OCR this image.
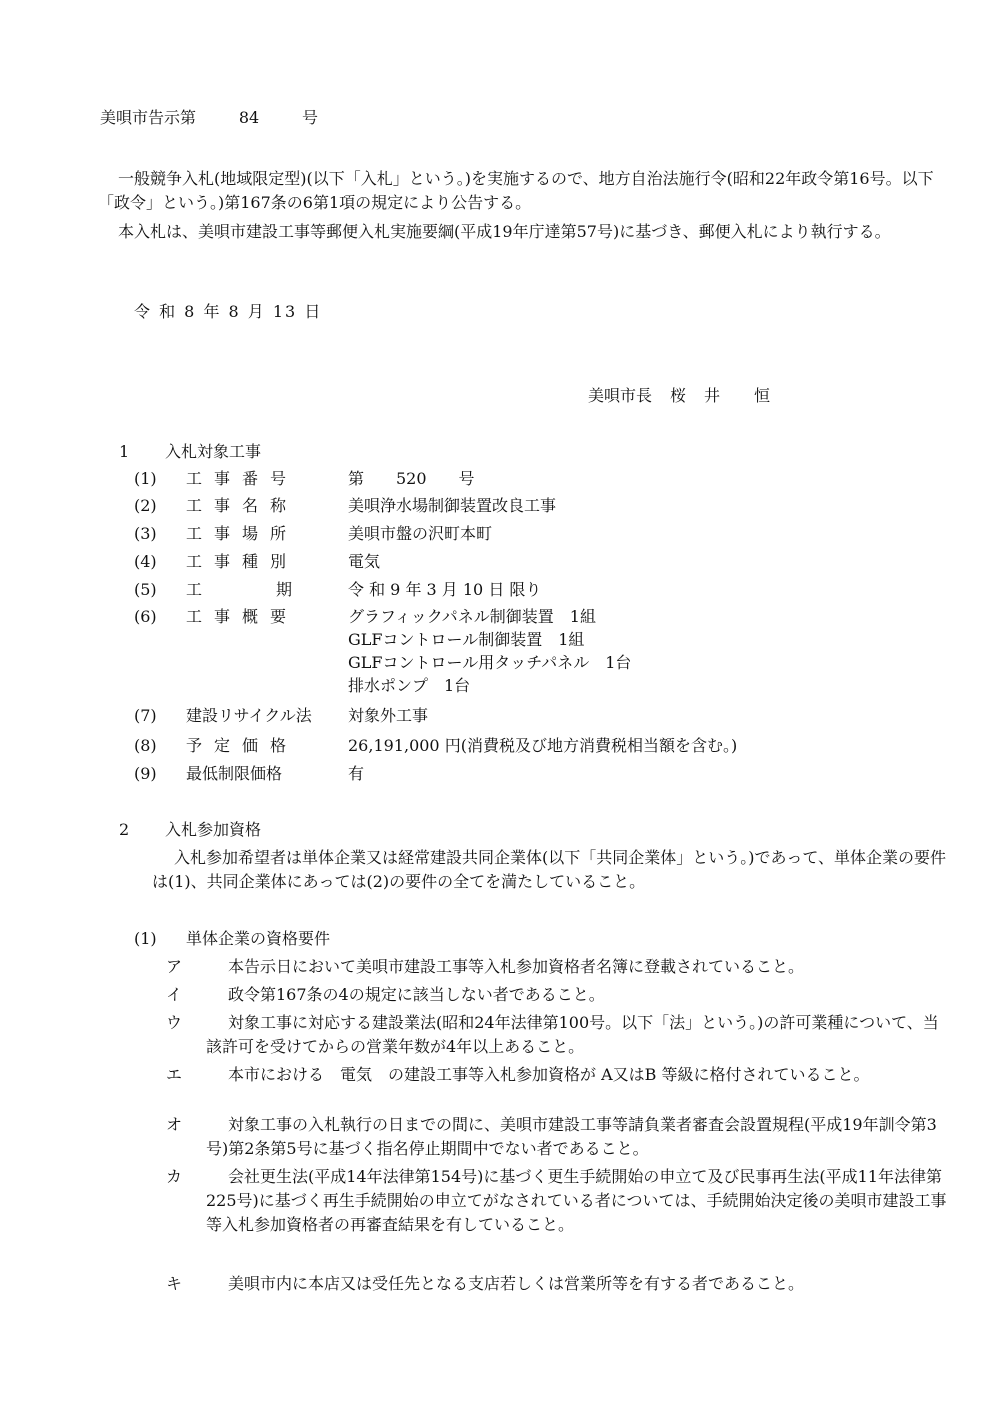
美唄市告示第	84	号
一般競争入札(地域限定型)(以下「入札」という。)を実施するので、地方自治法施行令(昭和22年政令第16号。以下「政令」という。)第167条の6第1項の規定により公告する。
本入札は、美唄市建設工事等郵便入札実施要綱(平成19年庁達第57号)に基づき、郵便入札により執行する。
令 和 8 年 8 月 13 日
美唄市長 桜 井 恒
1 入札対象工事
(1) 工事番号	第　　520　　号
(2) 工事名称	美唄浄水場制御装置改良工事
(3) 工事場所	美唄市盤の沢町本町
(4) 工事種別	電気
(5) 工	期	令 和 9 年 3 月 10 日 限り
(6) 工事概要	グラフィックパネル制御装置　1組
GLFコントロール制御装置　1組
GLFコントロール用タッチパネル　1台
排水ポンプ　1台
(7) 建設リサイクル法 対象外工事
(8) 予定価格	26,191,000 円(消費税及び地方消費税相当額を含む。)
(9) 最低制限価格	有
2 入札参加資格
入札参加希望者は単体企業又は経常建設共同企業体(以下「共同企業体」という。)であって、単体企業の要件は(1)、共同企業体にあっては(2)の要件の全てを満たしていること。
(1) 単体企業の資格要件
ア	本告示日において美唄市建設工事等入札参加資格者名簿に登載されていること。
イ	政令第167条の4の規定に該当しない者であること。
ウ	対象工事に対応する建設業法(昭和24年法律第100号。以下「法」という。)の許可業種について、当該許可を受けてからの営業年数が4年以上あること。
エ	本市における　電気　の建設工事等入札参加資格が A又はB 等級に格付されていること。
オ	対象工事の入札執行の日までの間に、美唄市建設工事等請負業者審査会設置規程(平成19年訓令第3号)第2条第5号に基づく指名停止期間中でない者であること。
カ	会社更生法(平成14年法律第154号)に基づく更生手続開始の申立て及び民事再生法(平成11年法律第225号)に基づく再生手続開始の申立てがなされている者については、手続開始決定後の美唄市建設工事等入札参加資格者の再審査結果を有していること。
キ	美唄市内に本店又は受任先となる支店若しくは営業所等を有する者であること。
